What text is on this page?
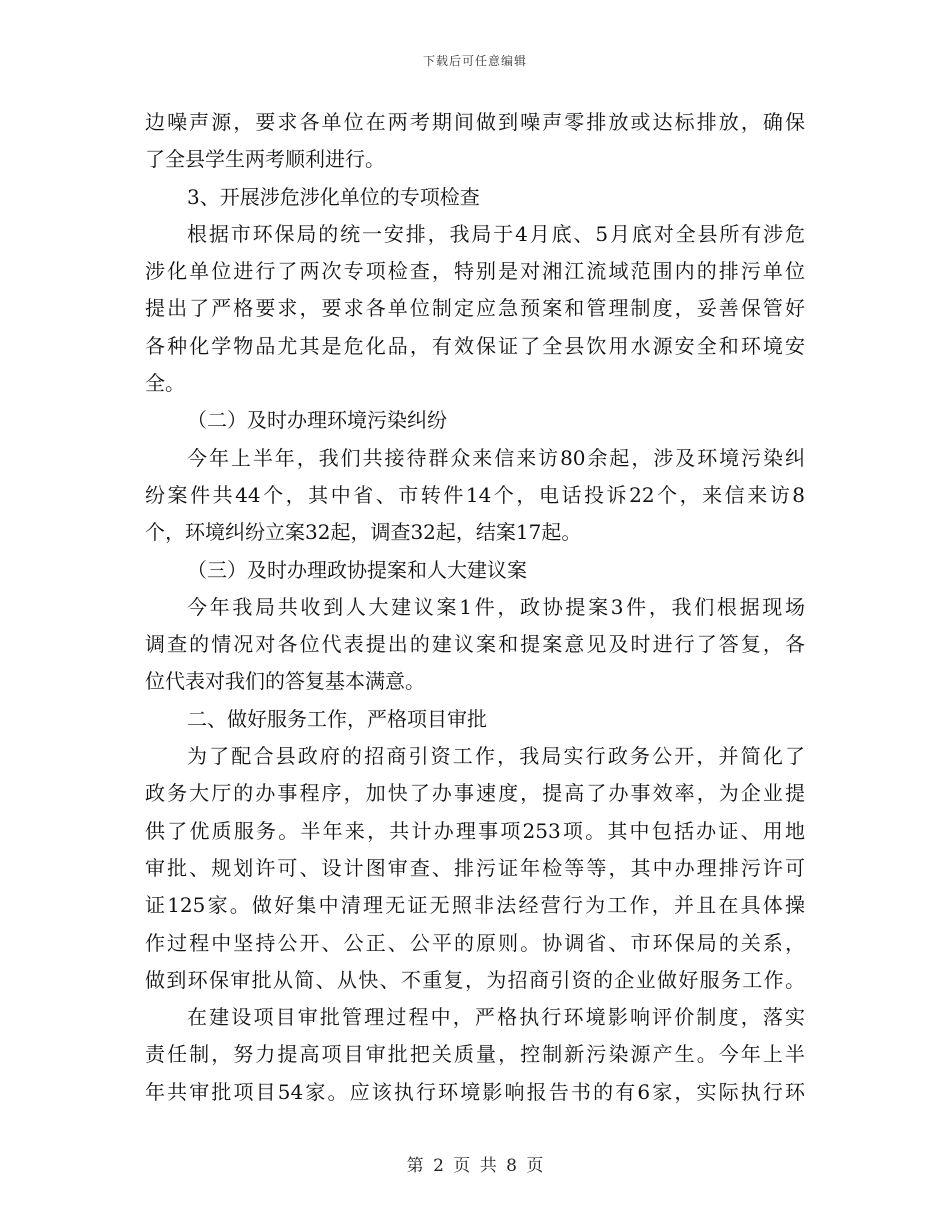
下载后可任意编辑
边噪声源，要求各单位在两考期间做到噪声零排放或达标排放，确保
了全县学生两考顺利进行。
3、开展涉危涉化单位的专项检查
根据市环保局的统一安排，我局于4月底、5月底对全县所有涉危
涉化单位进行了两次专项检查，特别是对湘江流域范围内的排污单位
提出了严格要求，要求各单位制定应急预案和管理制度，妥善保管好
各种化学物品尤其是危化品，有效保证了全县饮用水源安全和环境安
全。
（二）及时办理环境污染纠纷
今年上半年，我们共接待群众来信来访80余起，涉及环境污染纠
纷案件共44个，其中省、市转件14个，电话投诉22个，来信来访8
个，环境纠纷立案32起，调查32起，结案17起。
（三）及时办理政协提案和人大建议案
今年我局共收到人大建议案1件，政协提案3件，我们根据现场
调查的情况对各位代表提出的建议案和提案意见及时进行了答复，各
位代表对我们的答复基本满意。
二、做好服务工作，严格项目审批
为了配合县政府的招商引资工作，我局实行政务公开，并简化了
政务大厅的办事程序，加快了办事速度，提高了办事效率，为企业提
供了优质服务。半年来，共计办理事项253项。其中包括办证、用地
审批、规划许可、设计图审查、排污证年检等等，其中办理排污许可
证125家。做好集中清理无证无照非法经营行为工作，并且在具体操
作过程中坚持公开、公正、公平的原则。协调省、市环保局的关系，
做到环保审批从简、从快、不重复，为招商引资的企业做好服务工作。
在建设项目审批管理过程中，严格执行环境影响评价制度，落实
责任制，努力提高项目审批把关质量，控制新污染源产生。今年上半
年共审批项目54家。应该执行环境影响报告书的有6家，实际执行环
第 2 页 共 8 页
